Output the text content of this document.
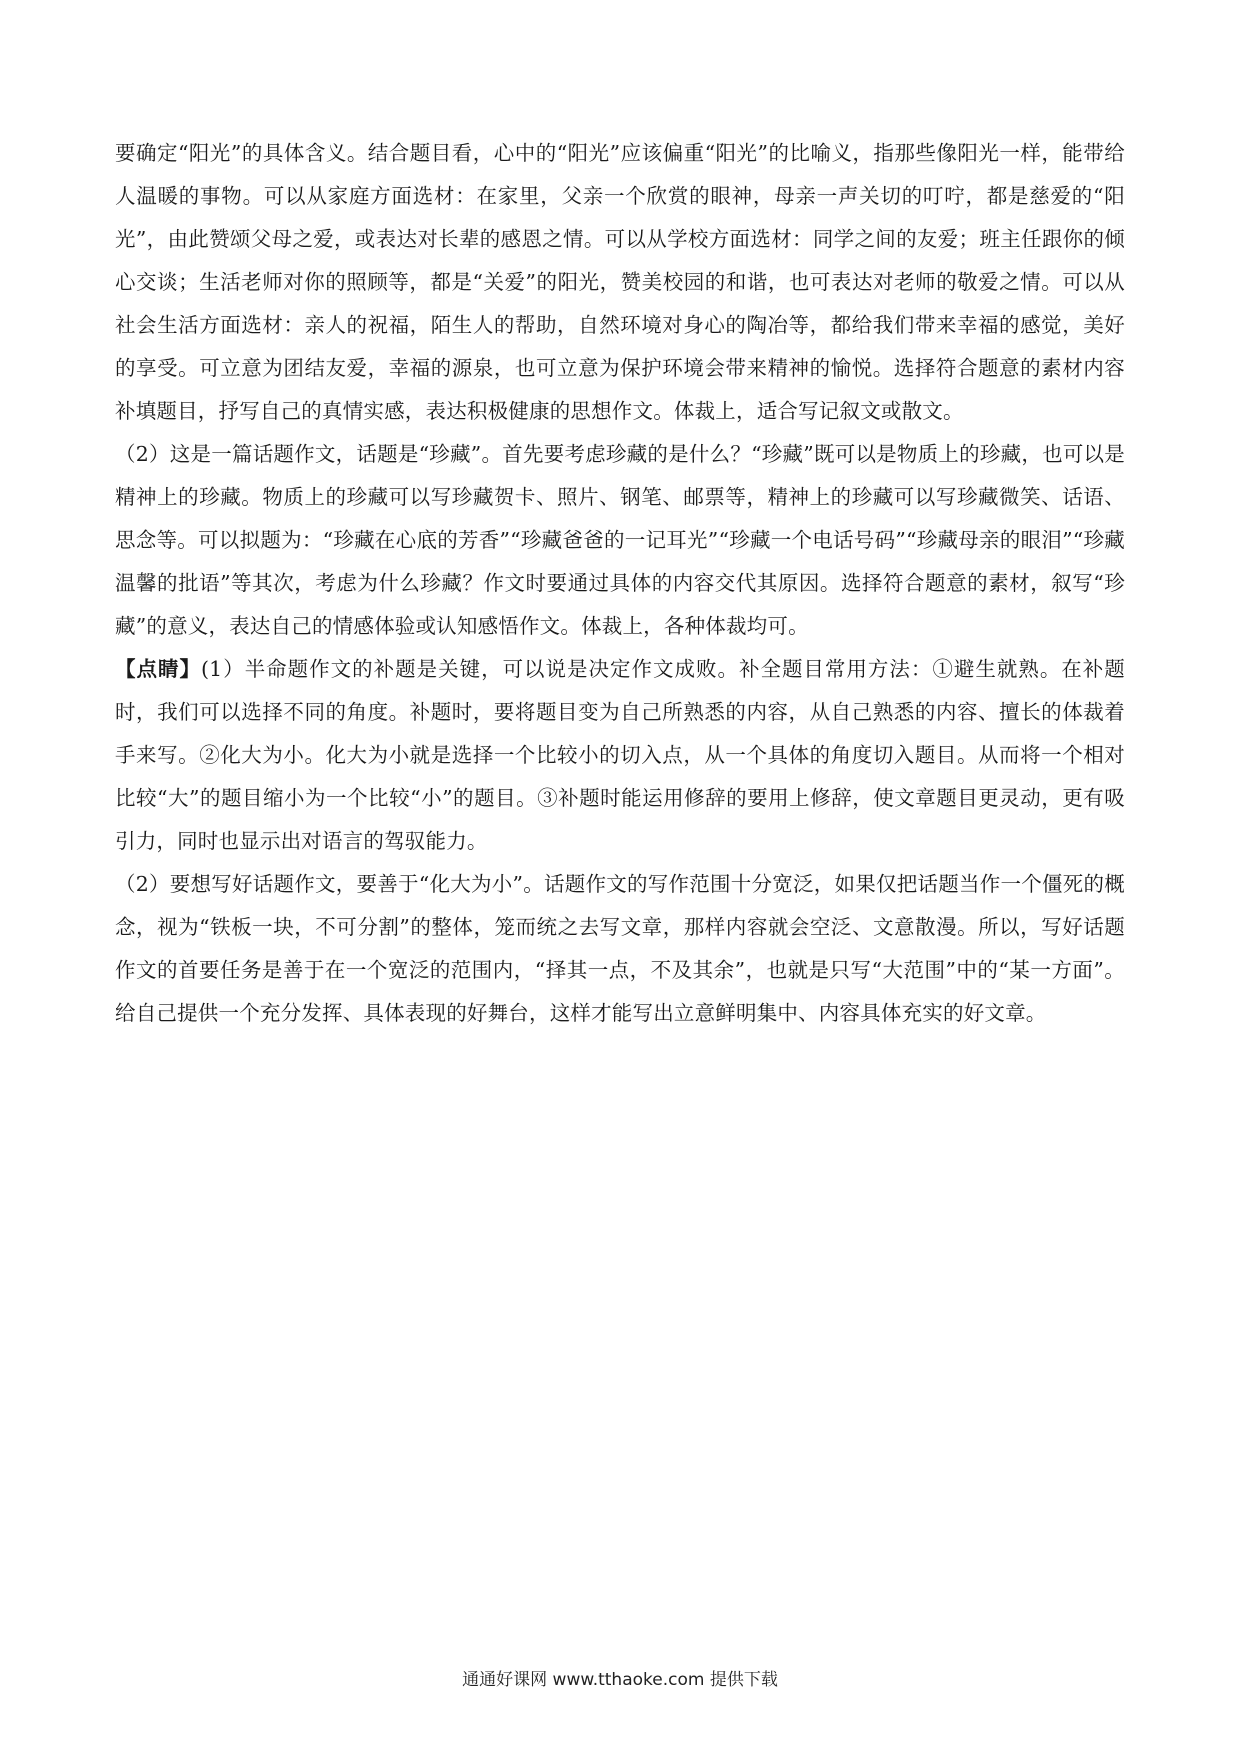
要确定“阳光”的具体含义。结合题目看，心中的“阳光”应该偏重“阳光”的比喻义，指那些像阳光一样，能带给人温暖的事物。可以从家庭方面选材：在家里，父亲一个欣赏的眼神，母亲一声关切的叮咛，都是慈爱的“阳光”，由此赞颂父母之爱，或表达对长辈的感恩之情。可以从学校方面选材：同学之间的友爱；班主任跟你的倾心交谈；生活老师对你的照顾等，都是“关爱”的阳光，赞美校园的和谐，也可表达对老师的敬爱之情。可以从社会生活方面选材：亲人的祝福，陌生人的帮助，自然环境对身心的陶冶等，都给我们带来幸福的感觉，美好的享受。可立意为团结友爱，幸福的源泉，也可立意为保护环境会带来精神的愉悦。选择符合题意的素材内容补填题目，抒写自己的真情实感，表达积极健康的思想作文。体裁上，适合写记叙文或散文。

（2）这是一篇话题作文，话题是“珍藏”。首先要考虑珍藏的是什么？“珍藏”既可以是物质上的珍藏，也可以是精神上的珍藏。物质上的珍藏可以写珍藏贺卡、照片、钢笔、邮票等，精神上的珍藏可以写珍藏微笑、话语、思念等。可以拟题为：“珍藏在心底的芳香”“珍藏爸爸的一记耳光”“珍藏一个电话号码”“珍藏母亲的眼泪”“珍藏温馨的批语”等其次，考虑为什么珍藏？作文时要通过具体的内容交代其原因。选择符合题意的素材，叙写“珍藏”的意义，表达自己的情感体验或认知感悟作文。体裁上，各种体裁均可。

【点睛】(1）半命题作文的补题是关键，可以说是决定作文成败。补全题目常用方法：①避生就熟。在补题时，我们可以选择不同的角度。补题时，要将题目变为自己所熟悉的内容，从自己熟悉的内容、擅长的体裁着手来写。②化大为小。化大为小就是选择一个比较小的切入点，从一个具体的角度切入题目。从而将一个相对比较“大”的题目缩小为一个比较“小”的题目。③补题时能运用修辞的要用上修辞，使文章题目更灵动，更有吸引力，同时也显示出对语言的驾驭能力。

（2）要想写好话题作文，要善于“化大为小”。话题作文的写作范围十分宽泛，如果仅把话题当作一个僵死的概念，视为“铁板一块，不可分割”的整体，笼而统之去写文章，那样内容就会空泛、文意散漫。所以，写好话题作文的首要任务是善于在一个宽泛的范围内，“择其一点，不及其余”，也就是只写“大范围”中的“某一方面”。给自己提供一个充分发挥、具体表现的好舞台，这样才能写出立意鲜明集中、内容具体充实的好文章。

通通好课网 www.tthaoke.com 提供下载
